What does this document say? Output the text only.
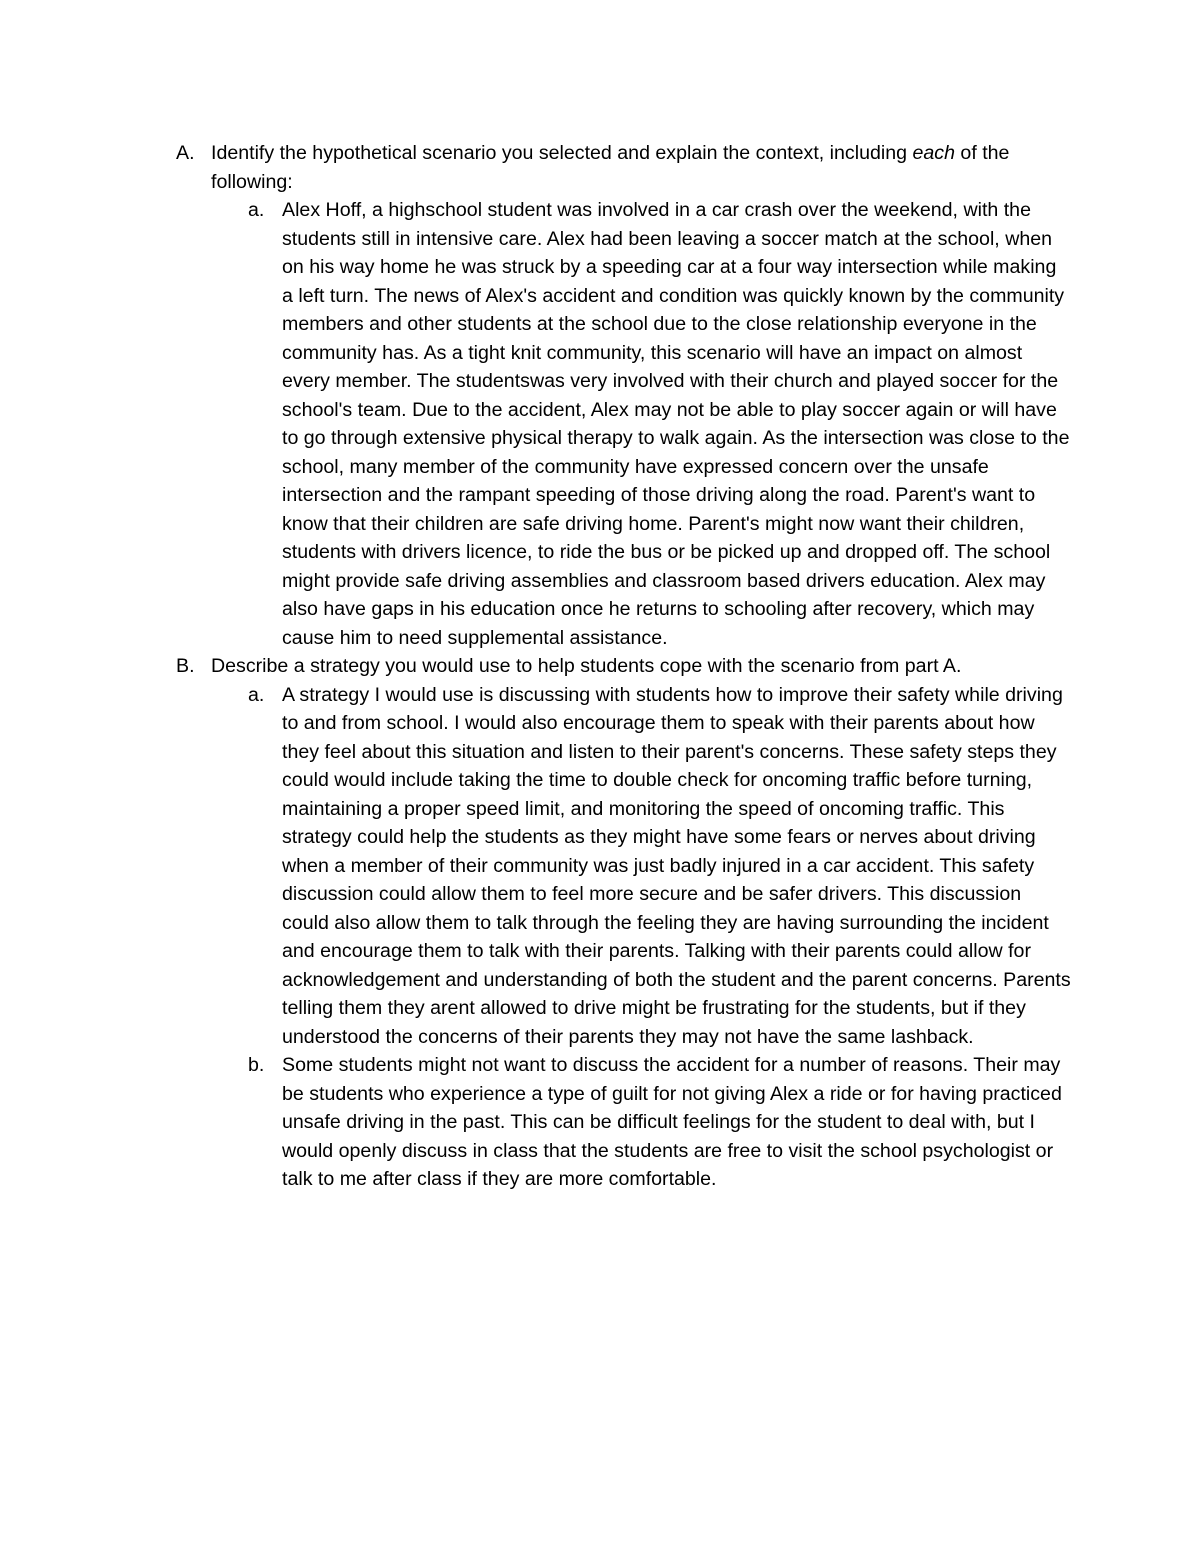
A. Identify the hypothetical scenario you selected and explain the context, including each of the following:
a. Alex Hoff, a highschool student was involved in a car crash over the weekend, with the students still in intensive care. Alex had been leaving a soccer match at the school, when on his way home he was struck by a speeding car at a four way intersection while making a left turn. The news of Alex's accident and condition was quickly known by the community members and other students at the school due to the close relationship everyone in the community has. As a tight knit community, this scenario will have an impact on almost every member. The studentswas very involved with their church and played soccer for the school's team. Due to the accident, Alex may not be able to play soccer again or will have to go through extensive physical therapy to walk again. As the intersection was close to the school, many member of the community have expressed concern over the unsafe intersection and the rampant speeding of those driving along the road. Parent's want to know that their children are safe driving home. Parent's might now want their children, students with drivers licence, to ride the bus or be picked up and dropped off. The school might provide safe driving assemblies and classroom based drivers education. Alex may also have gaps in his education once he returns to schooling after recovery, which may cause him to need supplemental assistance.
B. Describe a strategy you would use to help students cope with the scenario from part A.
a. A strategy I would use is discussing with students how to improve their safety while driving to and from school. I would also encourage them to speak with their parents about how they feel about this situation and listen to their parent's concerns. These safety steps they could would include taking the time to double check for oncoming traffic before turning, maintaining a proper speed limit, and monitoring the speed of oncoming traffic. This strategy could help the students as they might have some fears or nerves about driving when a member of their community was just badly injured in a car accident. This safety discussion could allow them to feel more secure and be safer drivers. This discussion could also allow them to talk through the feeling they are having surrounding the incident and encourage them to talk with their parents. Talking with their parents could allow for acknowledgement and understanding of both the student and the parent concerns. Parents telling them they arent allowed to drive might be frustrating for the students, but if they understood the concerns of their parents they may not have the same lashback.
b. Some students might not want to discuss the accident for a number of reasons. Their may be students who experience a type of guilt for not giving Alex a ride or for having practiced unsafe driving in the past. This can be difficult feelings for the student to deal with, but I would openly discuss in class that the students are free to visit the school psychologist or talk to me after class if they are more comfortable.
